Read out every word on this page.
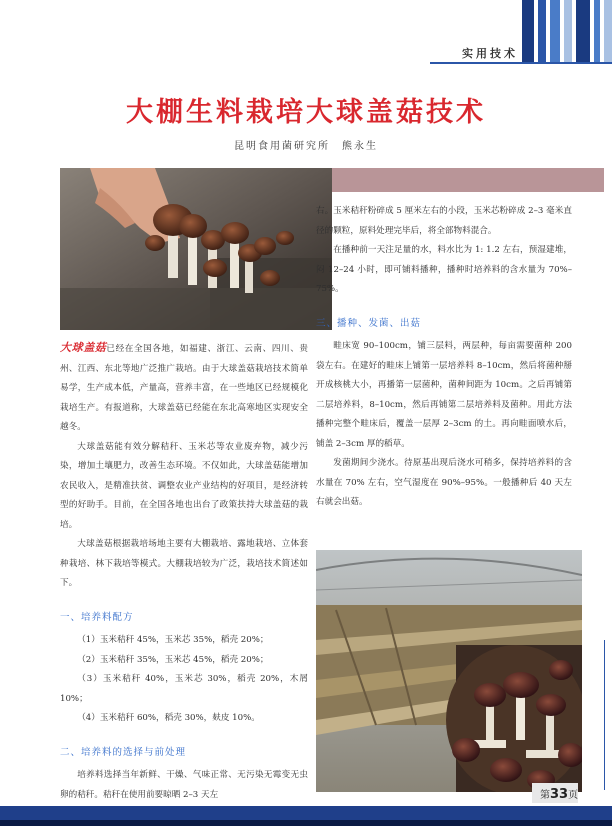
实用技术
大棚生料栽培大球盖菇技术
昆明食用菌研究所　熊永生

大球盖菇已经在全国各地，如福建、浙江、云南、四川、贵州、江西、东北等地广泛推广栽培。由于大球盖菇栽培技术简单易学，生产成本低，产量高，营养丰富，在一些地区已经规模化栽培生产。有报道称，大球盖菇已经能在东北高寒地区实现安全越冬。

大球盖菇能有效分解秸秆、玉米芯等农业废弃物，减少污染，增加土壤肥力，改善生态环境。不仅如此，大球盖菇能增加农民收入，是精准扶贫、调整农业产业结构的好项目，是经济转型的好助手。目前，在全国各地也出台了政策扶持大球盖菇的栽培。

大球盖菇根据栽培场地主要有大棚栽培、露地栽培、立体套种栽培、林下栽培等模式。大棚栽培较为广泛，栽培技术简述如下。

一、培养料配方

（1）玉米秸秆 45%，玉米芯 35%，稻壳 20%；

（2）玉米秸秆 35%，玉米芯 45%，稻壳 20%；

（3）玉米秸秆 40%，玉米芯 30%，稻壳 20%，木屑 10%；

（4）玉米秸秆 60%，稻壳 30%，麸皮 10%。

二、培养料的选择与前处理

培养料选择当年新鲜、干燥、气味正常、无污染无霉变无虫卵的秸秆。秸秆在使用前要晾晒 2–3 天左

右。玉米秸秆粉碎成 5 厘米左右的小段，玉米芯粉碎成 2–3 毫米直径的颗粒，原料处理完毕后，将全部物料混合。

在播种前一天注足量的水，料水比为 1: 1.2 左右，预湿建堆，闷 12–24 小时，即可铺料播种，播种时培养料的含水量为 70%–75%。

三、播种、发菌、出菇

畦床宽 90–100cm，铺三层料，两层种，每亩需要菌种 200 袋左右。在建好的畦床上铺第一层培养料 8–10cm，然后将菌种掰开成核桃大小，再播第一层菌种，菌种间距为 10cm。之后再铺第二层培养料，8–10cm，然后再铺第二层培养料及菌种。用此方法播种完整个畦床后，覆盖一层厚 2–3cm 的土。再向畦面喷水后，铺盖 2–3cm 厚的稻草。

发菌期间少浇水。待原基出现后浇水可稍多，保持培养料的含水量在 70% 左右，空气湿度在 90%–95%。一般播种后 40 天左右就会出菇。

第33页
